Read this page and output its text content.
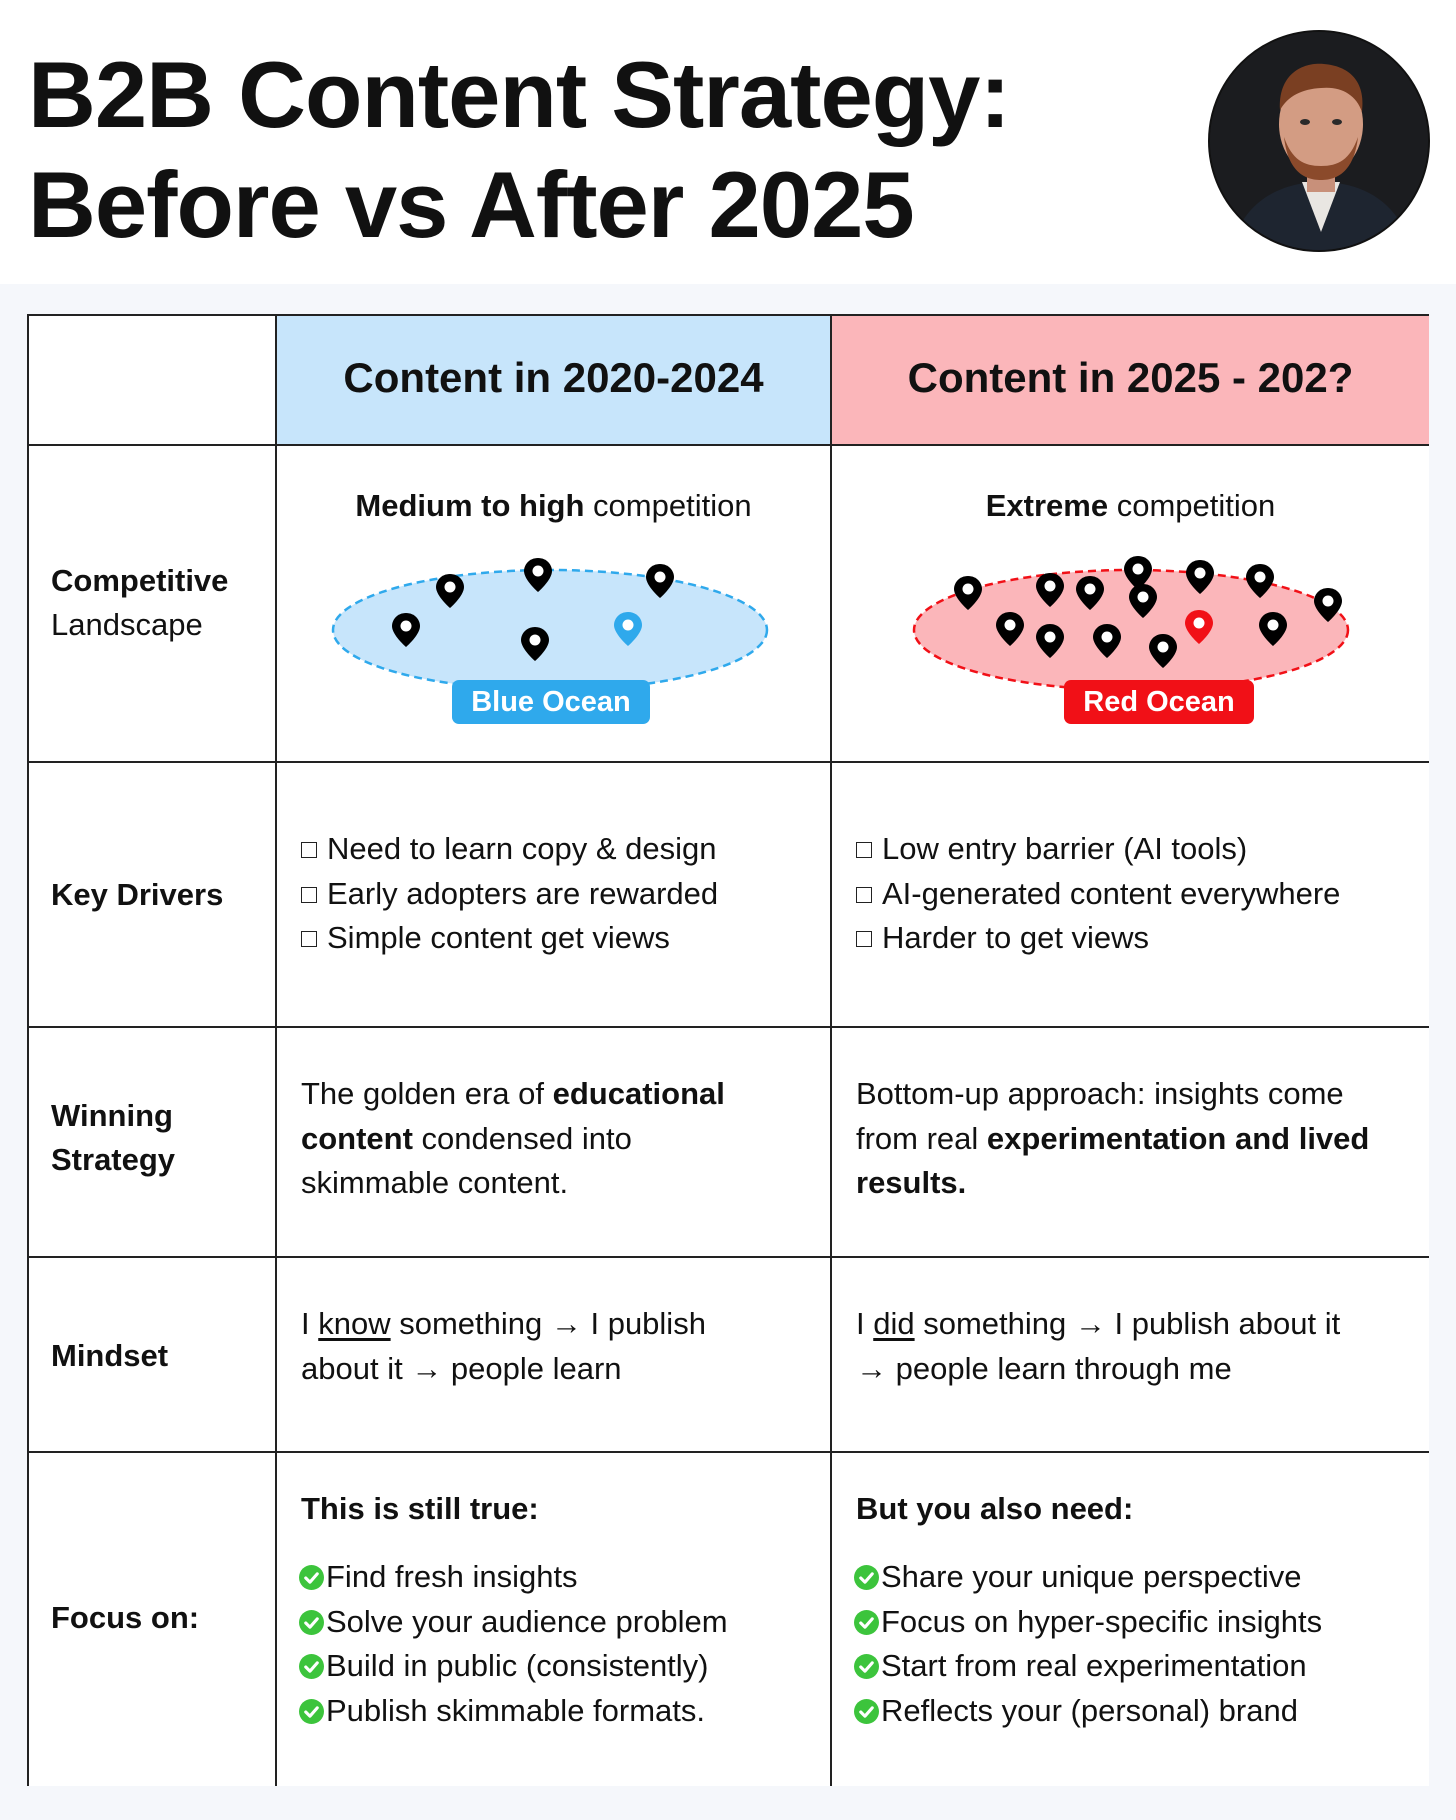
B2B Content Strategy:
Before vs After 2025
Content in 2020-2024	Content in 2025 - 202?
Competitive
Landscape
Medium to high competition
Blue Ocean
Extreme competition
Red Ocean
Key Drivers
Need to learn copy & design
Early adopters are rewarded
Simple content get views
Low entry barrier (AI tools)
AI-generated content everywhere
Harder to get views
Winning
Strategy
The golden era of educational
content condensed into
skimmable content.
Bottom-up approach: insights come
from real experimentation and lived
results.
Mindset
I know something → I publish
about it → people learn
I did something → I publish about it
→ people learn through me
Focus on:
This is still true:
Find fresh insights
Solve your audience problem
Build in public (consistently)
Publish skimmable formats.
But you also need:
Share your unique perspective
Focus on hyper-specific insights
Start from real experimentation
Reflects your (personal) brand
